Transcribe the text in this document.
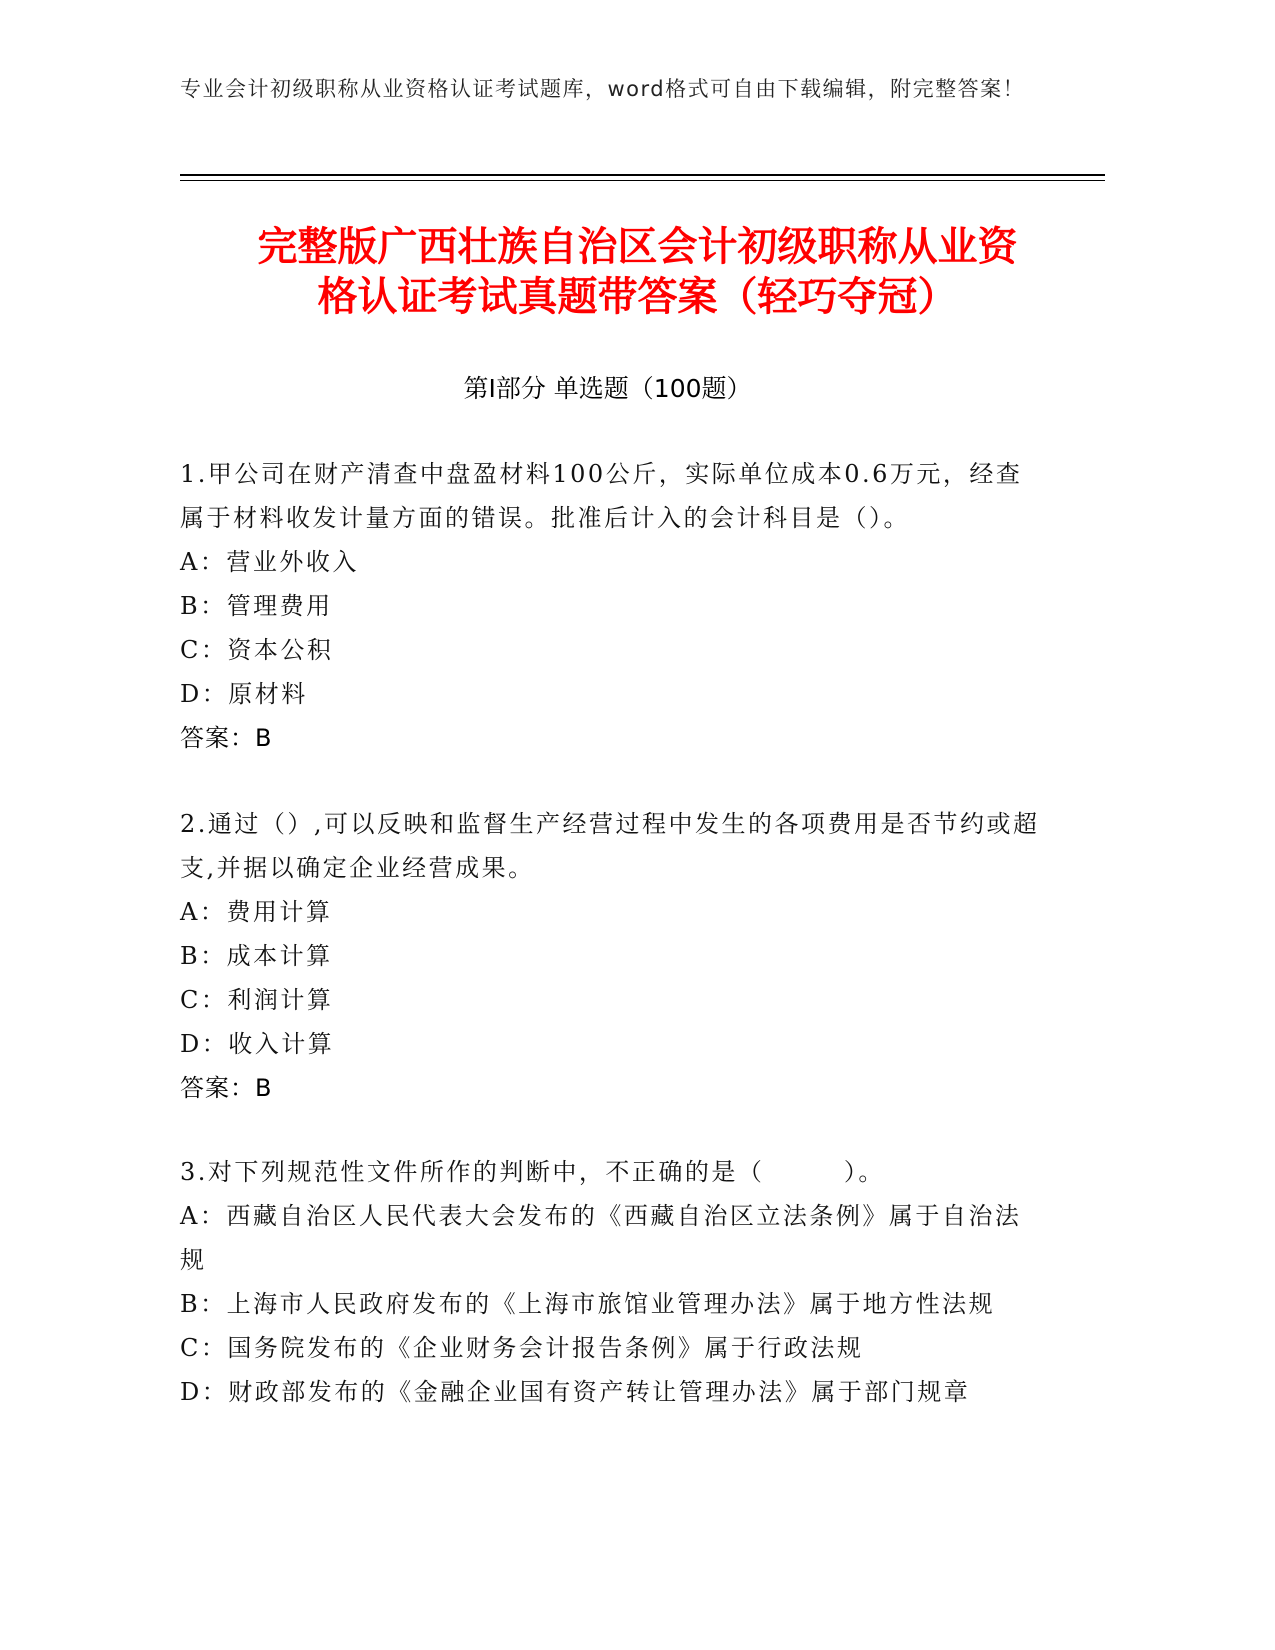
专业会计初级职称从业资格认证考试题库，word格式可自由下载编辑，附完整答案！
完整版广西壮族自治区会计初级职称从业资
格认证考试真题带答案（轻巧夺冠）
第Ⅰ部分 单选题（100题）
1.甲公司在财产清查中盘盈材料100公斤，实际单位成本0.6万元，经查属于材料收发计量方面的错误。批准后计入的会计科目是（）。
A：营业外收入
B：管理费用
C：资本公积
D：原材料
答案：B
2.通过（）,可以反映和监督生产经营过程中发生的各项费用是否节约或超支,并据以确定企业经营成果。
A：费用计算
B：成本计算
C：利润计算
D：收入计算
答案：B
3.对下列规范性文件所作的判断中，不正确的是（　　　）。
A：西藏自治区人民代表大会发布的《西藏自治区立法条例》属于自治法规
B：上海市人民政府发布的《上海市旅馆业管理办法》属于地方性法规
C：国务院发布的《企业财务会计报告条例》属于行政法规
D：财政部发布的《金融企业国有资产转让管理办法》属于部门规章
